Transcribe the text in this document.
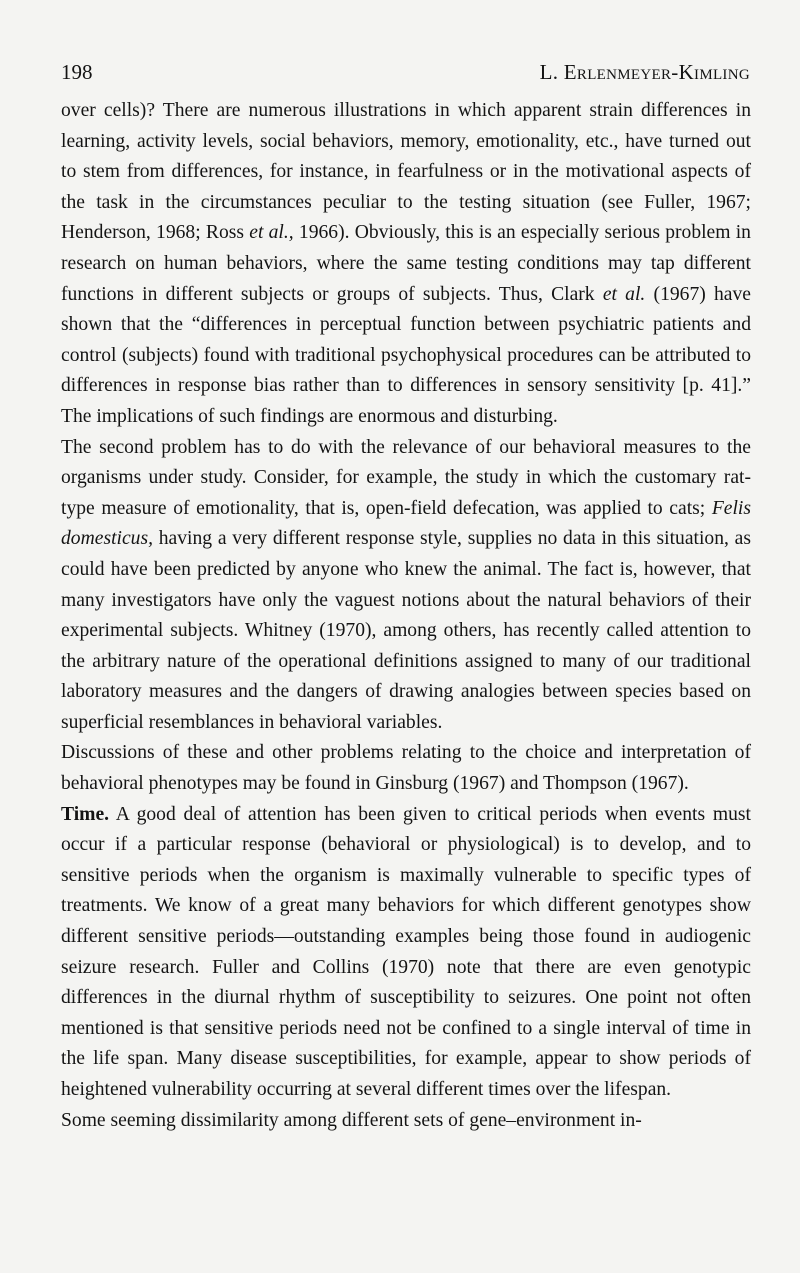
198	L. Erlenmeyer-Kimling

over cells)? There are numerous illustrations in which apparent strain differences in learning, activity levels, social behaviors, memory, emotionality, etc., have turned out to stem from differences, for instance, in fearfulness or in the motivational aspects of the task in the circumstances peculiar to the testing situation (see Fuller, 1967; Henderson, 1968; Ross et al., 1966). Obviously, this is an especially serious problem in research on human behaviors, where the same testing conditions may tap different functions in different subjects or groups of subjects. Thus, Clark et al. (1967) have shown that the “differences in perceptual function between psychiatric patients and control (subjects) found with traditional psychophysical procedures can be attributed to differences in response bias rather than to differences in sensory sensitivity [p. 41].” The implications of such findings are enormous and disturbing.

The second problem has to do with the relevance of our behavioral measures to the organisms under study. Consider, for example, the study in which the customary rat-type measure of emotionality, that is, open-field defecation, was applied to cats; Felis domesticus, having a very different response style, supplies no data in this situation, as could have been predicted by anyone who knew the animal. The fact is, however, that many investigators have only the vaguest notions about the natural behaviors of their experimental subjects. Whitney (1970), among others, has recently called attention to the arbitrary nature of the operational definitions assigned to many of our traditional laboratory measures and the dangers of drawing analogies between species based on superficial resemblances in behavioral variables.

Discussions of these and other problems relating to the choice and interpretation of behavioral phenotypes may be found in Ginsburg (1967) and Thompson (1967).

Time. A good deal of attention has been given to critical periods when events must occur if a particular response (behavioral or physiological) is to develop, and to sensitive periods when the organism is maximally vulnerable to specific types of treatments. We know of a great many behaviors for which different genotypes show different sensitive periods—outstanding examples being those found in audiogenic seizure research. Fuller and Collins (1970) note that there are even genotypic differences in the diurnal rhythm of susceptibility to seizures. One point not often mentioned is that sensitive periods need not be confined to a single interval of time in the life span. Many disease susceptibilities, for example, appear to show periods of heightened vulnerability occurring at several different times over the lifespan.

Some seeming dissimilarity among different sets of gene–environment in-
